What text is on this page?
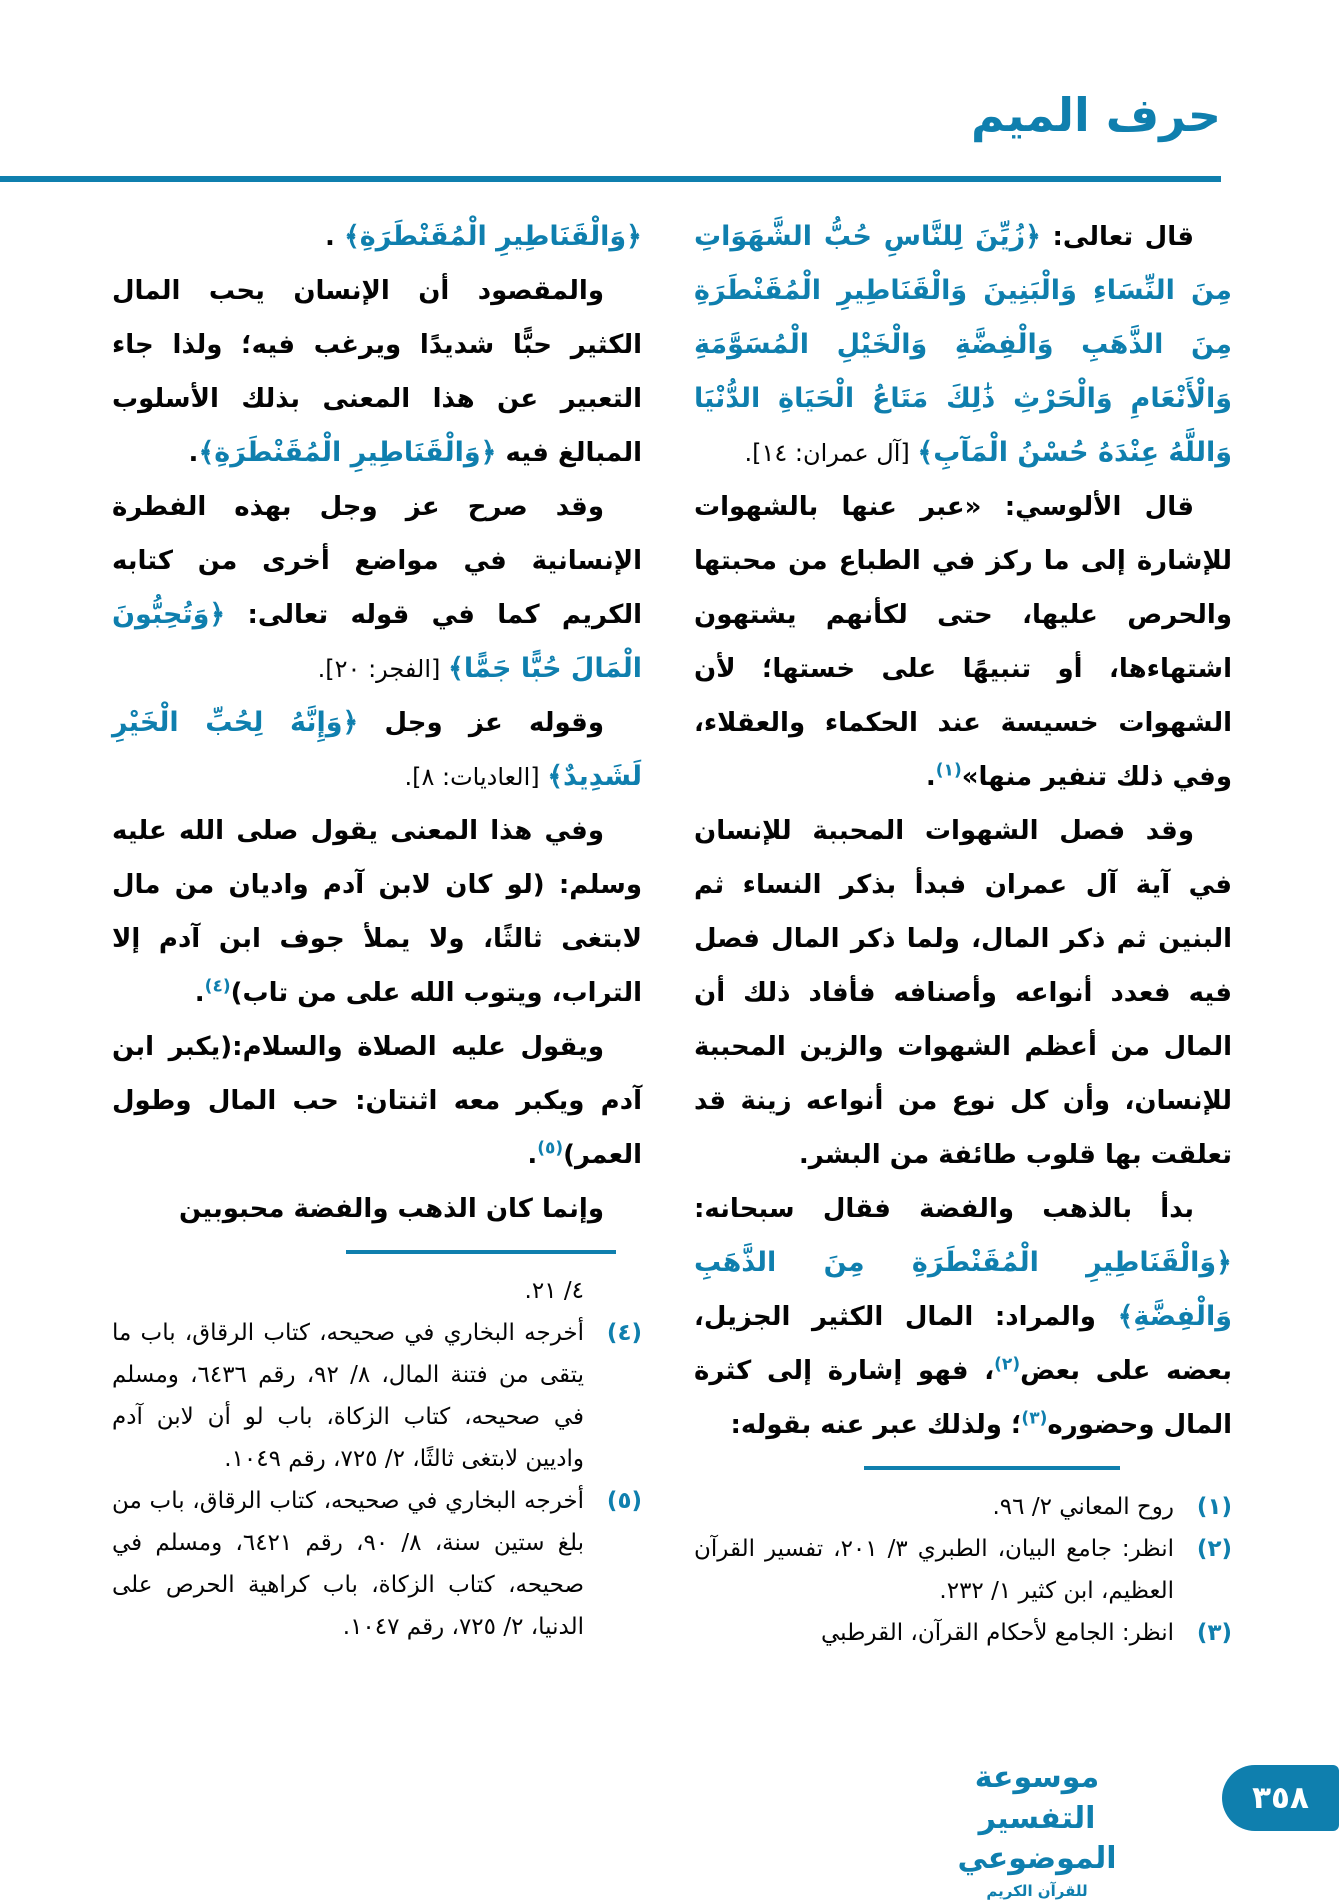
حرف الميم

قال تعالى: ﴿زُيِّنَ لِلنَّاسِ حُبُّ الشَّهَوَاتِ مِنَ النِّسَاءِ وَالْبَنِينَ وَالْقَنَاطِيرِ الْمُقَنْطَرَةِ مِنَ الذَّهَبِ وَالْفِضَّةِ وَالْخَيْلِ الْمُسَوَّمَةِ وَالْأَنْعَامِ وَالْحَرْثِ ذَٰلِكَ مَتَاعُ الْحَيَاةِ الدُّنْيَا وَاللَّهُ عِنْدَهُ حُسْنُ الْمَآبِ﴾ [آل عمران: ١٤].

قال الألوسي: «عبر عنها بالشهوات للإشارة إلى ما ركز في الطباع من محبتها والحرص عليها، حتى لكأنهم يشتهون اشتهاءها، أو تنبيهًا على خستها؛ لأن الشهوات خسيسة عند الحكماء والعقلاء، وفي ذلك تنفير منها»$^{(١)}$.

وقد فصل الشهوات المحببة للإنسان في آية آل عمران فبدأ بذكر النساء ثم البنين ثم ذكر المال، ولما ذكر المال فصل فيه فعدد أنواعه وأصنافه فأفاد ذلك أن المال من أعظم الشهوات والزين المحببة للإنسان، وأن كل نوع من أنواعه زينة قد تعلقت بها قلوب طائفة من البشر.

بدأ بالذهب والفضة فقال سبحانه: ﴿وَالْقَنَاطِيرِ الْمُقَنْطَرَةِ مِنَ الذَّهَبِ وَالْفِضَّةِ﴾ والمراد: المال الكثير الجزيل، بعضه على بعض$^{(٢)}$، فهو إشارة إلى كثرة المال وحضوره$^{(٣)}$؛ ولذلك عبر عنه بقوله:

(١)
روح المعاني ٢/ ٩٦.
(٢)
انظر: جامع البيان، الطبري ٣/ ٢٠١، تفسير القرآن العظيم، ابن كثير ١/ ٢٣٢.
(٣)
انظر: الجامع لأحكام القرآن، القرطبي

﴿وَالْقَنَاطِيرِ الْمُقَنْطَرَةِ﴾ .

والمقصود أن الإنسان يحب المال الكثير حبًّا شديدًا ويرغب فيه؛ ولذا جاء التعبير عن هذا المعنى بذلك الأسلوب المبالغ فيه ﴿وَالْقَنَاطِيرِ الْمُقَنْطَرَةِ﴾.

وقد صرح عز وجل بهذه الفطرة الإنسانية في مواضع أخرى من كتابه الكريم كما في قوله تعالى: ﴿وَتُحِبُّونَ الْمَالَ حُبًّا جَمًّا﴾ [الفجر: ٢٠].

وقوله عز وجل ﴿وَإِنَّهُ لِحُبِّ الْخَيْرِ لَشَدِيدٌ﴾ [العاديات: ٨].

وفي هذا المعنى يقول صلى الله عليه وسلم: (لو كان لابن آدم واديان من مال لابتغى ثالثًا، ولا يملأ جوف ابن آدم إلا التراب، ويتوب الله على من تاب)$^{(٤)}$.

ويقول عليه الصلاة والسلام:(يكبر ابن آدم ويكبر معه اثنتان: حب المال وطول العمر)$^{(٥)}$.

وإنما كان الذهب والفضة محبوبين

٤/ ٢١.
(٤)
أخرجه البخاري في صحيحه، كتاب الرقاق، باب ما يتقى من فتنة المال، ٨/ ٩٢، رقم ٦٤٣٦، ومسلم في صحيحه، كتاب الزكاة، باب لو أن لابن آدم واديين لابتغى ثالثًا، ٢/ ٧٢٥، رقم ١٠٤٩.
(٥)
أخرجه البخاري في صحيحه، كتاب الرقاق، باب من بلغ ستين سنة، ٨/ ٩٠، رقم ٦٤٢١، ومسلم في صحيحه، كتاب الزكاة، باب كراهية الحرص على الدنيا، ٢/ ٧٢٥، رقم ١٠٤٧.
موسوعة التفسير الموضوعي
للقرآن الكريم
٣٥٨
